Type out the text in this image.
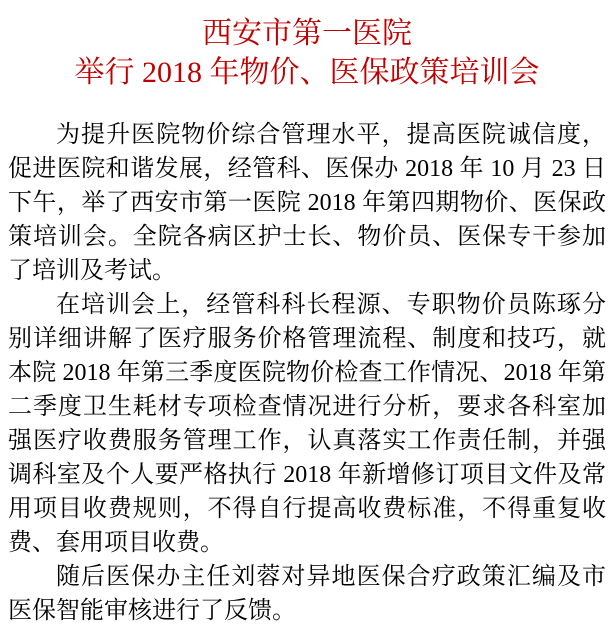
西安市第一医院
举行 2018 年物价、医保政策培训会

为提升医院物价综合管理水平，提高医院诚信度，促进医院和谐发展，经管科、医保办 2018 年 10 月 23 日下午，举了西安市第一医院 2018 年第四期物价、医保政策培训会。全院各病区护士长、物价员、医保专干参加了培训及考试。

在培训会上，经管科科长程源、专职物价员陈琢分别详细讲解了医疗服务价格管理流程、制度和技巧，就本院 2018 年第三季度医院物价检查工作情况、2018 年第二季度卫生耗材专项检查情况进行分析，要求各科室加强医疗收费服务管理工作，认真落实工作责任制，并强调科室及个人要严格执行 2018 年新增修订项目文件及常用项目收费规则，不得自行提高收费标准，不得重复收费、套用项目收费。

随后医保办主任刘蓉对异地医保合疗政策汇编及市医保智能审核进行了反馈。
